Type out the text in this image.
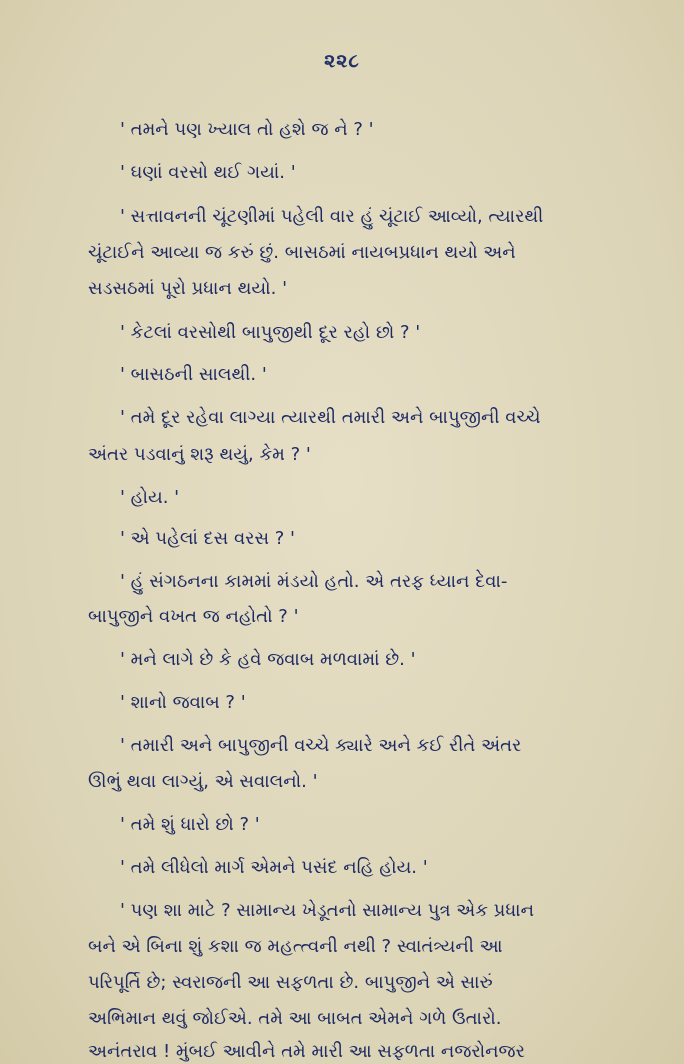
૨૨૮
' તમને પણ ખ્યાલ તો હશે જ ને ? '
' ઘણાં વરસો થઈ ગયાં. '
' સત્તાવનની ચૂંટણીમાં પહેલી વાર હું ચૂંટાઈ આવ્યો, ત્યારથી
ચૂંટાઈને આવ્યા જ કરું છું. બાસઠમાં નાયબપ્રધાન થયો અને
સડસઠમાં પૂરો પ્રધાન થયો. '
' કેટલાં વરસોથી બાપુજીથી દૂર રહો છો ? '
' બાસઠની સાલથી. '
' તમે દૂર રહેવા લાગ્યા ત્યારથી તમારી અને બાપુજીની વચ્ચે
અંતર પડવાનું શરૂ થયું, કેમ ? '
' હોય. '
' એ પહેલાં દસ વરસ ? '
' હું સંગઠનના કામમાં મંડયો હતો. એ તરફ ધ્યાન દેવા-
બાપુજીને વખત જ નહોતો ? '
' મને લાગે છે કે હવે જવાબ મળવામાં છે. '
' શાનો જવાબ ? '
' તમારી અને બાપુજીની વચ્ચે ક્યારે અને કઈ રીતે અંતર
ઊભું થવા લાગ્યું, એ સવાલનો. '
' તમે શું ધારો છો ? '
' તમે લીધેલો માર્ગ એમને પસંદ નહિ હોય. '
' પણ શા માટે ? સામાન્ય ખેડૂતનો સામાન્ય પુત્ર એક પ્રધાન
બને એ બિના શું કશા જ મહત્ત્વની નથી ? સ્વાતંત્ર્યની આ
પરિપૂર્તિ છે; સ્વરાજની આ સફળતા છે. બાપુજીને એ સારું
અભિમાન થવું જોઈએ. તમે આ બાબત એમને ગળે ઉતારો.
અનંતરાવ ! મુંબઈ આવીને તમે મારી આ સફળતા નજરોનજર
